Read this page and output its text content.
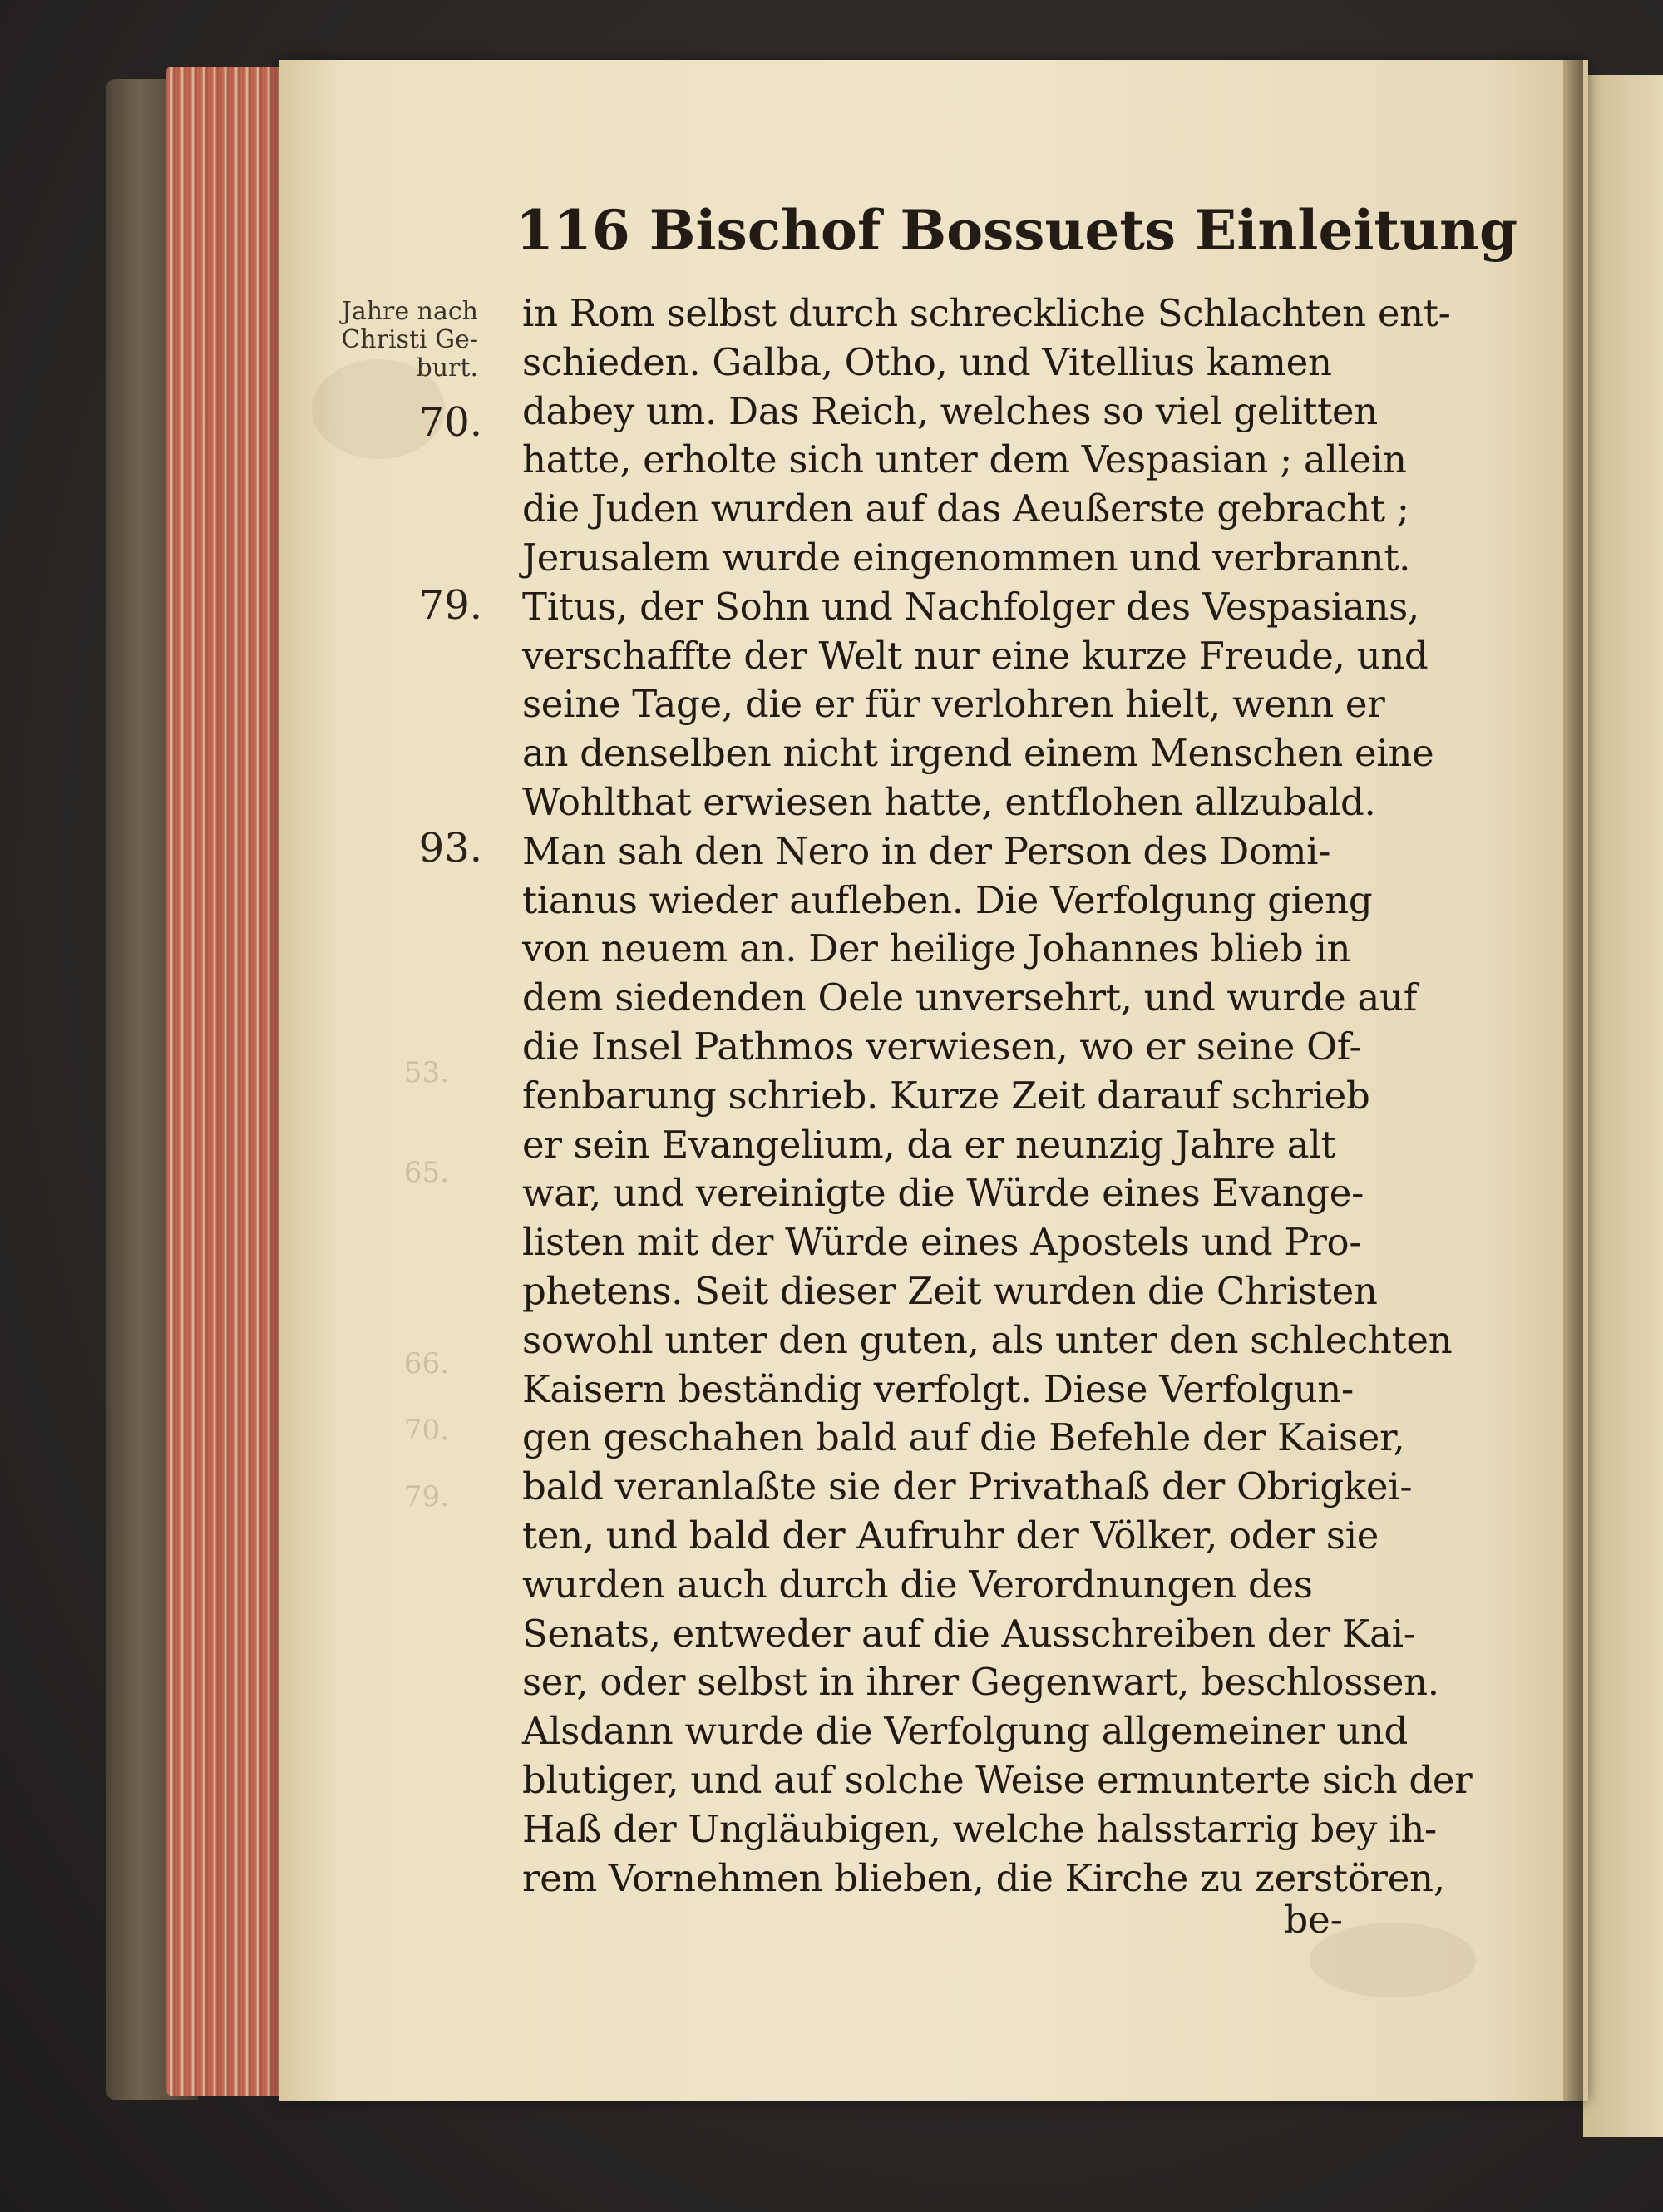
53.
65.
66.
70.
79.
116 Bischof Bossuets Einleitung
Jahre nach
Christi Ge-
burt.
70.
79.
93.
in Rom selbst durch schreckliche Schlachten ent-
schieden. Galba, Otho, und Vitellius kamen
dabey um. Das Reich, welches so viel gelitten
hatte, erholte sich unter dem Vespasian ; allein
die Juden wurden auf das Aeußerste gebracht ;
Jerusalem wurde eingenommen und verbrannt.
Titus, der Sohn und Nachfolger des Vespasians,
verschaffte der Welt nur eine kurze Freude, und
seine Tage, die er für verlohren hielt, wenn er
an denselben nicht irgend einem Menschen eine
Wohlthat erwiesen hatte, entflohen allzubald.
Man sah den Nero in der Person des Domi-
tianus wieder aufleben. Die Verfolgung gieng
von neuem an. Der heilige Johannes blieb in
dem siedenden Oele unversehrt, und wurde auf
die Insel Pathmos verwiesen, wo er seine Of-
fenbarung schrieb. Kurze Zeit darauf schrieb
er sein Evangelium, da er neunzig Jahre alt
war, und vereinigte die Würde eines Evange-
listen mit der Würde eines Apostels und Pro-
phetens. Seit dieser Zeit wurden die Christen
sowohl unter den guten, als unter den schlechten
Kaisern beständig verfolgt. Diese Verfolgun-
gen geschahen bald auf die Befehle der Kaiser,
bald veranlaßte sie der Privathaß der Obrigkei-
ten, und bald der Aufruhr der Völker, oder sie
wurden auch durch die Verordnungen des
Senats, entweder auf die Ausschreiben der Kai-
ser, oder selbst in ihrer Gegenwart, beschlossen.
Alsdann wurde die Verfolgung allgemeiner und
blutiger, und auf solche Weise ermunterte sich der
Haß der Ungläubigen, welche halsstarrig bey ih-
rem Vornehmen blieben, die Kirche zu zerstören,
be-
